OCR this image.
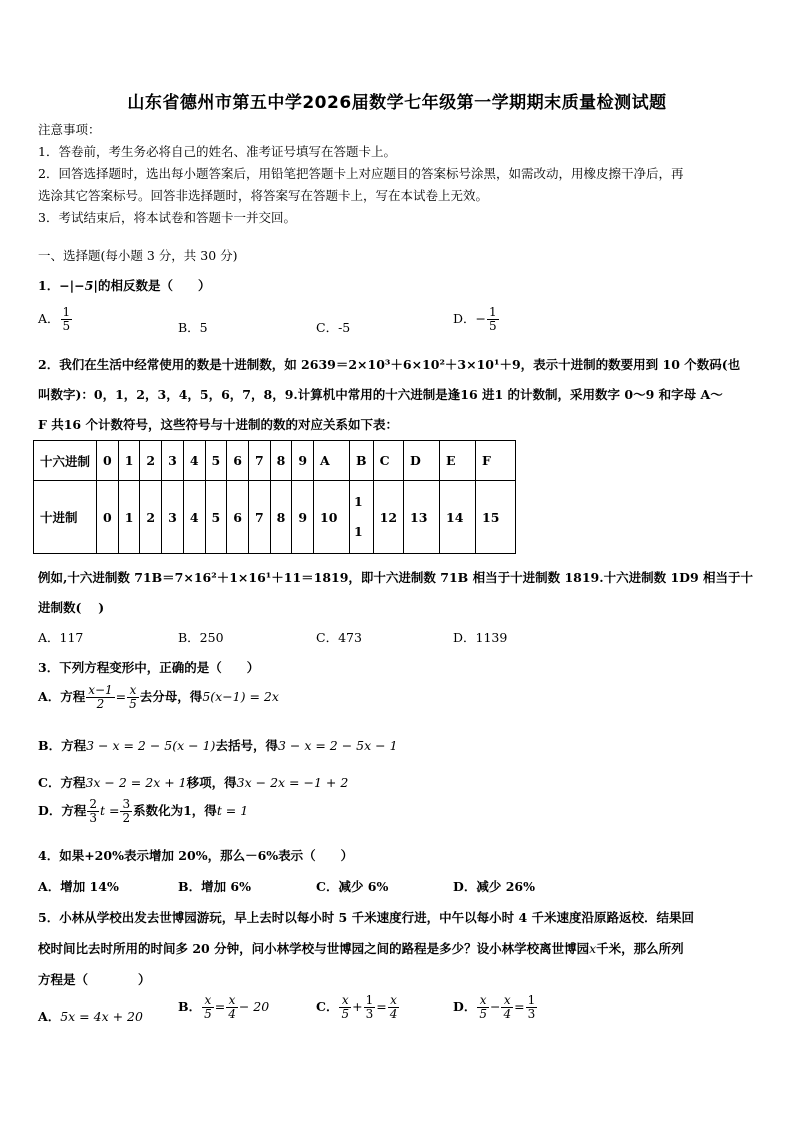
山东省德州市第五中学2026届数学七年级第一学期期末质量检测试题
注意事项：
1．答卷前，考生务必将自己的姓名、准考证号填写在答题卡上。
2．回答选择题时，选出每小题答案后，用铅笔把答题卡上对应题目的答案标号涂黑，如需改动，用橡皮擦干净后，再
选涂其它答案标号。回答非选择题时，将答案写在答题卡上，写在本试卷上无效。
3．考试结束后，将本试卷和答题卡一并交回。
一、选择题(每小题 3 分，共 30 分)
1．−|−5|的相反数是（　　）
A． $\frac{1}{5}$	B．5	C．-5
D．− $\frac{1}{5}$
2．我们在生活中经常使用的数是十进制数，如 2639＝2×10³＋6×10²＋3×10¹＋9，表示十进制的数要用到 10 个数码(也
叫数字)：0，1，2，3，4，5，6，7，8，9.计算机中常用的十六进制是逢16 进1 的计数制，采用数字 0～9 和字母 A～
F 共16 个计数符号，这些符号与十进制的数的对应关系如下表：
十六进制	0	1	2	3	4	5	6	7	8	9	A	B	C	D	E	F
十进制	0	1	2	3	4	5	6	7	8	9	10	11	12	13	14	15
例如,十六进制数 71B＝7×16²＋1×16¹＋11＝1819，即十六进制数 71B 相当于十进制数 1819.十六进制数 1D9 相当于十
进制数(　 )
A．117	B．250	C．473	D．1139
3．下列方程变形中，正确的是（　　）
A．方程 $\frac{x-1}{2} = \frac{x}{5}$ 去分母，得5(x−1) = 2x
B．方程3 − x = 2 − 5(x − 1)去括号，得3 − x = 2 − 5x − 1
C．方程3x − 2 = 2x + 1移项，得3x − 2x = −1 + 2
D．方程 $\frac{2}{3}$ $t = \frac{3}{2}$ 系数化为1，得t = 1
4．如果+20%表示增加 20%，那么－6%表示（　　）
A．增加 14%	B．增加 6%	C．减少 6%	D．减少 26%
5．小林从学校出发去世博园游玩，早上去时以每小时 5 千米速度行进，中午以每小时 4 千米速度沿原路返校．结果回
校时间比去时所用的时间多 20 分钟，问小林学校与世博园之间的路程是多少？设小林学校离世博园x千米，那么所列
方程是（　　　　）
A．5x = 4x + 20
B． $\frac{x}{5} = \frac{x}{4} - 20$	C． $\frac{x}{5} + \frac{1}{3} = \frac{x}{4}$	D． $\frac{x}{5} - \frac{x}{4} = \frac{1}{3}$
